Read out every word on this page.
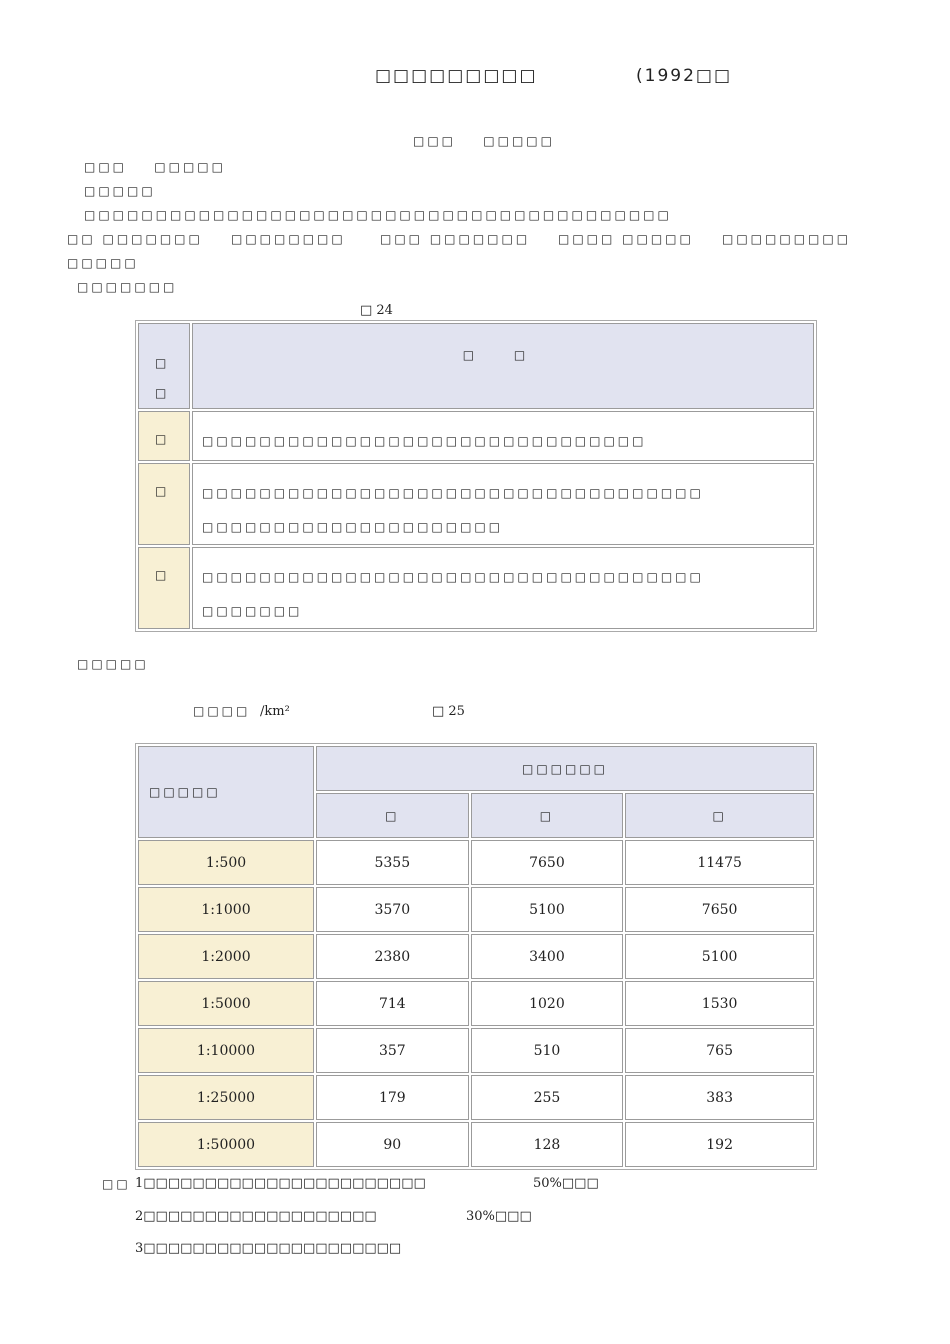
□□□□□□□□□	(1992□□
□□□    □□□□□
□□□    □□□□□
□□□□□
□□□□□□□□□□□□□□□□□□□□□□□□□□□□□□□□□□□□□□□□□
□□ □□□□□□□ □□□□□□□□	□□□ □□□□□□□ □□□□ □□□□□ □□□□□□□□□
□□□□□
□□□□□□□
□ 24
□
□	□ □

□	□□□□□□□□□□□□□□□□□□□□□□□□□□□□□□□

□	□□□□□□□□□□□□□□□□□□□□□□□□□□□□□□□□□□□
□□□□□□□□□□□□□□□□□□□□□

□	□□□□□□□□□□□□□□□□□□□□□□□□□□□□□□□□□□□
□□□□□□□
□□□□□
□□□□ /km²	□ 25
□□□□□	□□□□□□		
	□	□	□
1:500	5355	7650	11475
1:1000	3570	5100	7650
1:2000	2380	3400	5100
1:5000	714	1020	1530
1:10000	357	510	765
1:25000	179	255	383
1:50000	90	128	192
□□ 1□□□□□□□□□□□□□□□□□□□□□□□	50%□□□
2□□□□□□□□□□□□□□□□□□□	30%□□□
3□□□□□□□□□□□□□□□□□□□□□
